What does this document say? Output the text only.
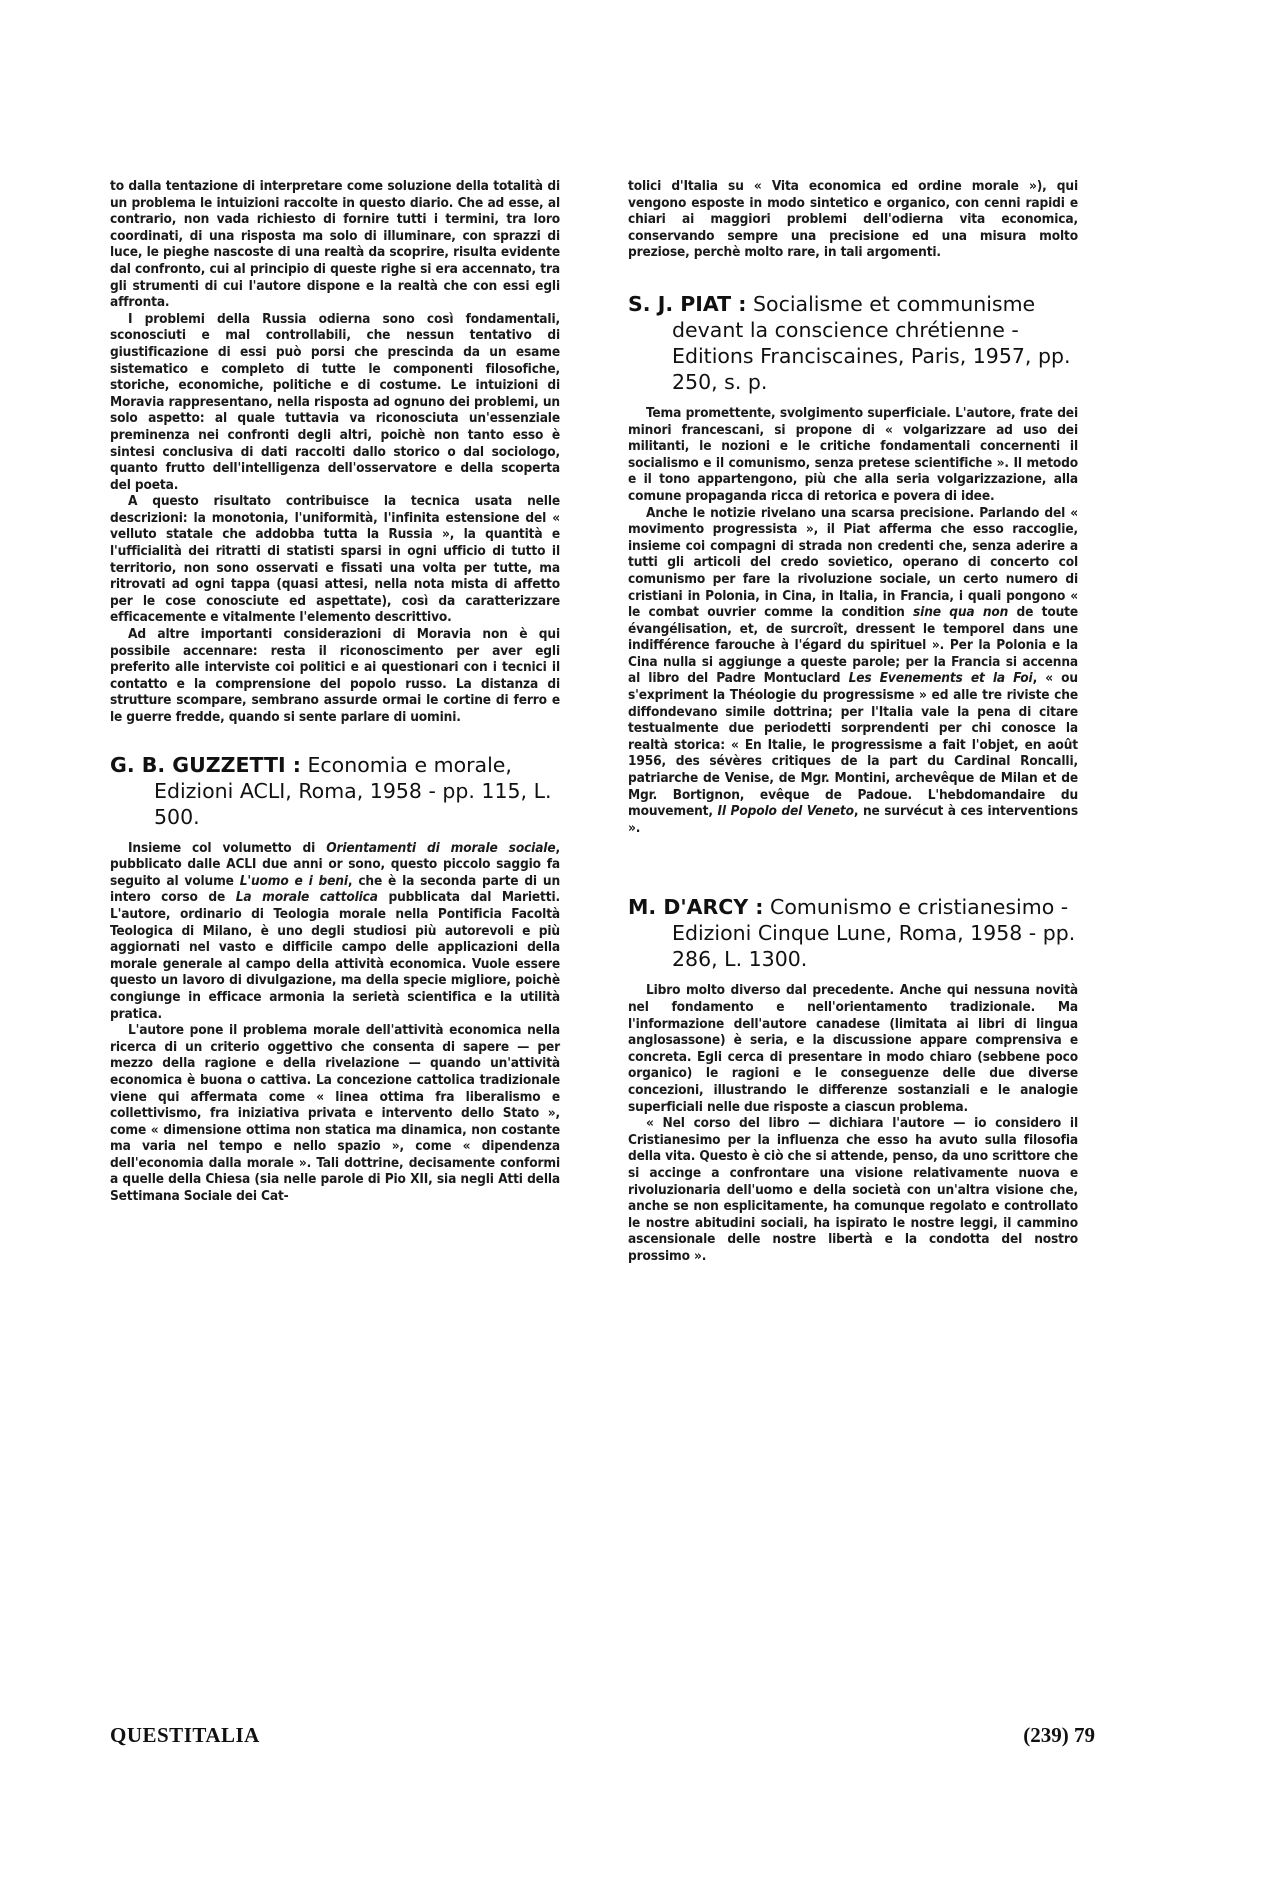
to dalla tentazione di interpretare come soluzione della totalità di un problema le intuizioni raccolte in questo diario. Che ad esse, al contrario, non vada richiesto di fornire tutti i termini, tra loro coordinati, di una risposta ma solo di illuminare, con sprazzi di luce, le pieghe nascoste di una realtà da scoprire, risulta evidente dal confronto, cui al principio di queste righe si era accennato, tra gli strumenti di cui l'autore dispone e la realtà che con essi egli affronta.

I problemi della Russia odierna sono così fondamentali, sconosciuti e mal controllabili, che nessun tentativo di giustificazione di essi può porsi che prescinda da un esame sistematico e completo di tutte le componenti filosofiche, storiche, economiche, politiche e di costume. Le intuizioni di Moravia rappresentano, nella risposta ad ognuno dei problemi, un solo aspetto: al quale tuttavia va riconosciuta un'essenziale preminenza nei confronti degli altri, poichè non tanto esso è sintesi conclusiva di dati raccolti dallo storico o dal sociologo, quanto frutto dell'intelligenza dell'osservatore e della scoperta del poeta.

A questo risultato contribuisce la tecnica usata nelle descrizioni: la monotonia, l'uniformità, l'infinita estensione del « velluto statale che addobba tutta la Russia », la quantità e l'ufficialità dei ritratti di statisti sparsi in ogni ufficio di tutto il territorio, non sono osservati e fissati una volta per tutte, ma ritrovati ad ogni tappa (quasi attesi, nella nota mista di affetto per le cose conosciute ed aspettate), così da caratterizzare efficacemente e vitalmente l'elemento descrittivo.

Ad altre importanti considerazioni di Moravia non è qui possibile accennare: resta il riconoscimento per aver egli preferito alle interviste coi politici e ai questionari con i tecnici il contatto e la comprensione del popolo russo. La distanza di strutture scompare, sembrano assurde ormai le cortine di ferro e le guerre fredde, quando si sente parlare di uomini.

G. B. GUZZETTI : Economia e morale, Edizioni ACLI, Roma, 1958 - pp. 115, L. 500.

Insieme col volumetto di Orientamenti di morale sociale, pubblicato dalle ACLI due anni or sono, questo piccolo saggio fa seguito al volume L'uomo e i beni, che è la seconda parte di un intero corso de La morale cattolica pubblicata dal Marietti. L'autore, ordinario di Teologia morale nella Pontificia Facoltà Teologica di Milano, è uno degli studiosi più autorevoli e più aggiornati nel vasto e difficile campo delle applicazioni della morale generale al campo della attività economica. Vuole essere questo un lavoro di divulgazione, ma della specie migliore, poichè congiunge in efficace armonia la serietà scientifica e la utilità pratica.

L'autore pone il problema morale dell'attività economica nella ricerca di un criterio oggettivo che consenta di sapere — per mezzo della ragione e della rivelazione — quando un'attività economica è buona o cattiva. La concezione cattolica tradizionale viene qui affermata come « linea ottima fra liberalismo e collettivismo, fra iniziativa privata e intervento dello Stato », come « dimensione ottima non statica ma dinamica, non costante ma varia nel tempo e nello spazio », come « dipendenza dell'economia dalla morale ». Tali dottrine, decisamente conformi a quelle della Chiesa (sia nelle parole di Pio XII, sia negli Atti della Settimana Sociale dei Cat-

tolici d'Italia su « Vita economica ed ordine morale »), qui vengono esposte in modo sintetico e organico, con cenni rapidi e chiari ai maggiori problemi dell'odierna vita economica, conservando sempre una precisione ed una misura molto preziose, perchè molto rare, in tali argomenti.

S. J. PIAT : Socialisme et communisme devant la conscience chrétienne - Editions Franciscaines, Paris, 1957, pp. 250, s. p.

Tema promettente, svolgimento superficiale. L'autore, frate dei minori francescani, si propone di « volgarizzare ad uso dei militanti, le nozioni e le critiche fondamentali concernenti il socialismo e il comunismo, senza pretese scientifiche ». Il metodo e il tono appartengono, più che alla seria volgarizzazione, alla comune propaganda ricca di retorica e povera di idee.

Anche le notizie rivelano una scarsa precisione. Parlando del « movimento progressista », il Piat afferma che esso raccoglie, insieme coi compagni di strada non credenti che, senza aderire a tutti gli articoli del credo sovietico, operano di concerto col comunismo per fare la rivoluzione sociale, un certo numero di cristiani in Polonia, in Cina, in Italia, in Francia, i quali pongono « le combat ouvrier comme la condition sine qua non de toute évangélisation, et, de surcroît, dressent le temporel dans une indifférence farouche à l'égard du spirituel ». Per la Polonia e la Cina nulla si aggiunge a queste parole; per la Francia si accenna al libro del Padre Montuclard Les Evenements et la Foi, « ou s'expriment la Théologie du progressisme » ed alle tre riviste che diffondevano simile dottrina; per l'Italia vale la pena di citare testualmente due periodetti sorprendenti per chi conosce la realtà storica: « En Italie, le progressisme a fait l'objet, en août 1956, des sévères critiques de la part du Cardinal Roncalli, patriarche de Venise, de Mgr. Montini, archevêque de Milan et de Mgr. Bortignon, evêque de Padoue. L'hebdomandaire du mouvement, Il Popolo del Veneto, ne survécut à ces interventions ».

M. D'ARCY : Comunismo e cristianesimo - Edizioni Cinque Lune, Roma, 1958 - pp. 286, L. 1300.

Libro molto diverso dal precedente. Anche qui nessuna novità nel fondamento e nell'orientamento tradizionale. Ma l'informazione dell'autore canadese (limitata ai libri di lingua anglosassone) è seria, e la discussione appare comprensiva e concreta. Egli cerca di presentare in modo chiaro (sebbene poco organico) le ragioni e le conseguenze delle due diverse concezioni, illustrando le differenze sostanziali e le analogie superficiali nelle due risposte a ciascun problema.

« Nel corso del libro — dichiara l'autore — io considero il Cristianesimo per la influenza che esso ha avuto sulla filosofia della vita. Questo è ciò che si attende, penso, da uno scrittore che si accinge a confrontare una visione relativamente nuova e rivoluzionaria dell'uomo e della società con un'altra visione che, anche se non esplicitamente, ha comunque regolato e controllato le nostre abitudini sociali, ha ispirato le nostre leggi, il cammino ascensionale delle nostre libertà e la condotta del nostro prossimo ».

QUESTITALIA	(239) 79
